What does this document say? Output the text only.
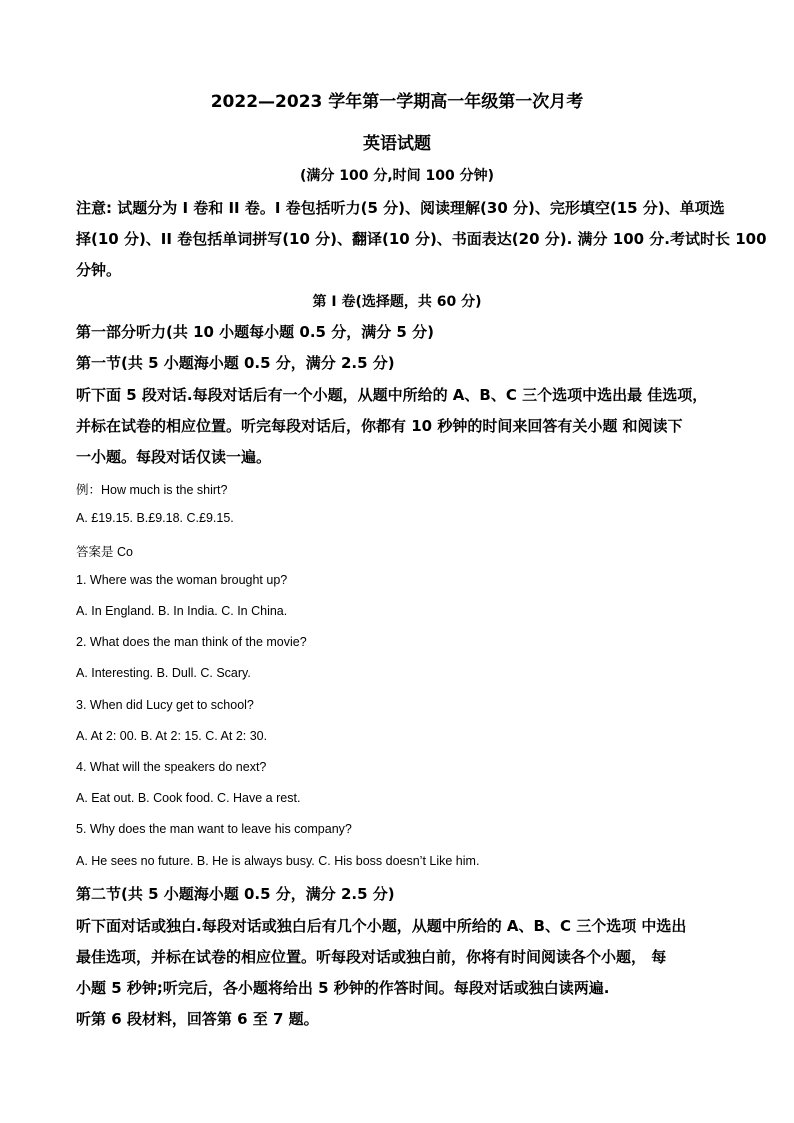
2022—2023 学年第一学期高一年级第一次月考
英语试题
(满分 100 分,时间 100 分钟)
注意: 试题分为 I 卷和 II 卷。I 卷包括听力(5 分)、阅读理解(30 分)、完形填空(15 分)、单项选
择(10 分)、II 卷包括单词拼写(10 分)、翻译(10 分)、书面表达(20 分). 满分 100 分.考试时长 100
分钟。
第 I 卷(选择题，共 60 分)
第一部分听力(共 10 小题每小题 0.5 分，满分 5 分)
第一节(共 5 小题海小题 0.5 分，满分 2.5 分)
听下面 5 段对话.每段对话后有一个小题，从题中所给的 A、B、C 三个选项中选出最 佳选项，
并标在试卷的相应位置。听完每段对话后，你都有 10 秒钟的时间来回答有关小题 和阅读下
一小题。每段对话仅读一遍。
例：How much is the shirt?
A. £19.15. B.£9.18. C.£9.15.
答案是 Co
1. Where was the woman brought up?
A. In England. B. In India. C. In China.
2. What does the man think of the movie?
A. Interesting. B. Dull. C. Scary.
3. When did Lucy get to school?
A. At 2: 00. B. At 2: 15. C. At 2: 30.
4. What will the speakers do next?
A. Eat out. B. Cook food. C. Have a rest.
5. Why does the man want to leave his company?
A. He sees no future. B. He is always busy. C. His boss doesn’t Like him.
第二节(共 5 小题海小题 0.5 分，满分 2.5 分)
听下面对话或独白.每段对话或独白后有几个小题，从题中所给的 A、B、C 三个选项 中选出
最佳选项，并标在试卷的相应位置。听每段对话或独白前，你将有时间阅读各个小题， 每
小题 5 秒钟;听完后，各小题将给出 5 秒钟的作答时间。每段对话或独白读两遍.
听第 6 段材料，回答第 6 至 7 题。
